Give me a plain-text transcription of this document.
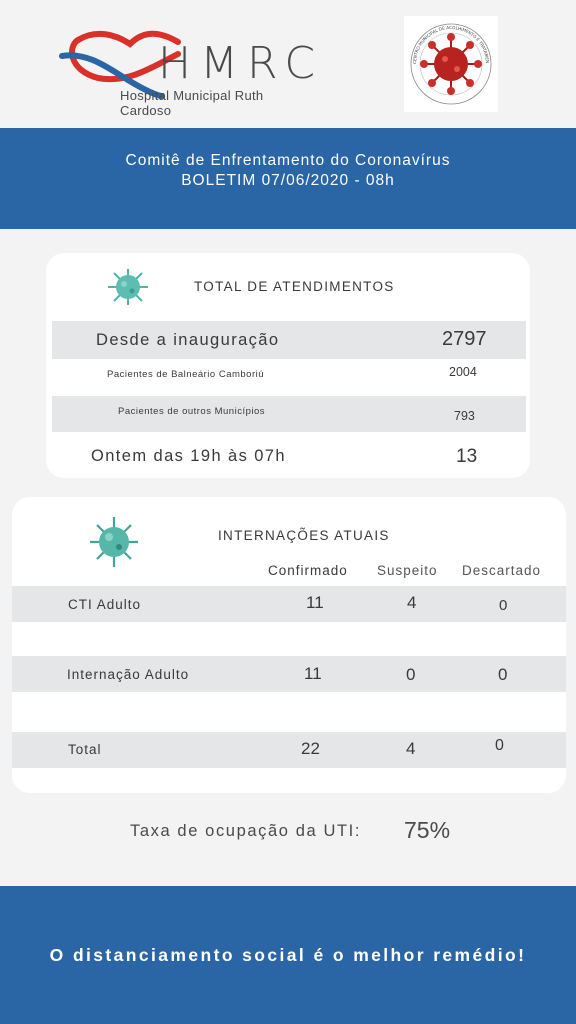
HMRC
Hospital Municipal Ruth Cardoso
CENTRO MUNICIPAL DE ACOLHIMENTO E TRATAMEN
Comitê de Enfrentamento do Coronavírus
BOLETIM 07/06/2020 - 08h
TOTAL DE ATENDIMENTOS
Desde a inauguração	2797
Pacientes de Balneário Camboriú	2004
Pacientes de outros Municípios	793
Ontem das 19h às 07h	13
INTERNAÇÕES ATUAIS
Confirmado Suspeito Descartado
CTI Adulto	11	4	0
Internação Adulto	11	0	0
Total	22	4	0
Taxa de ocupação da UTI: 75%
O distanciamento social é o melhor remédio!
